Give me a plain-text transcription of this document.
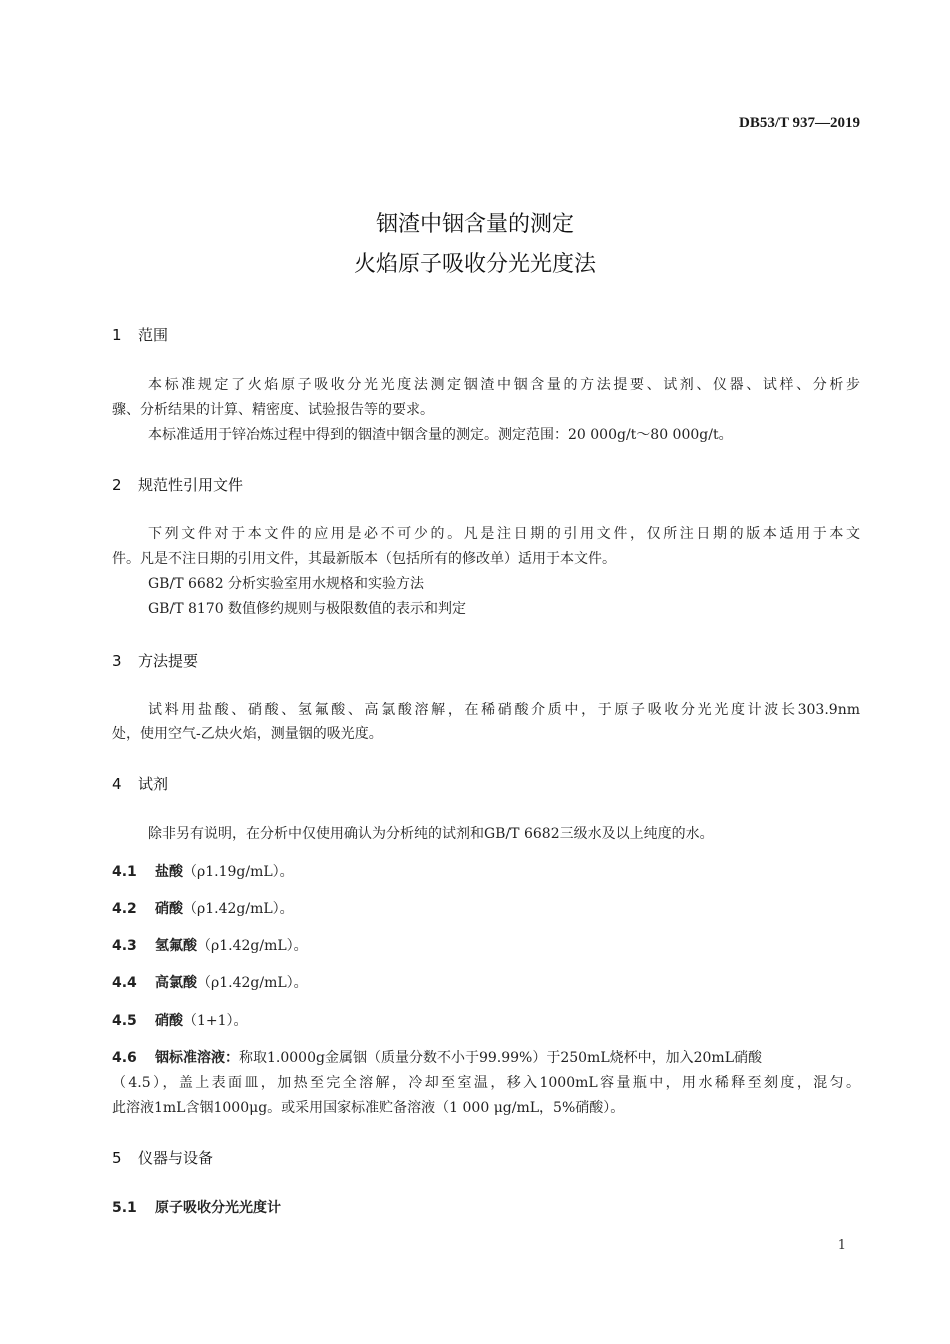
DB53/T 937—2019
铟渣中铟含量的测定
火焰原子吸收分光光度法
1 范围
本标准规定了火焰原子吸收分光光度法测定铟渣中铟含量的方法提要、试剂、仪器、试样、分析步
骤、分析结果的计算、精密度、试验报告等的要求。
本标准适用于锌冶炼过程中得到的铟渣中铟含量的测定。测定范围：20 000g/t～80 000g/t。
2 规范性引用文件
下列文件对于本文件的应用是必不可少的。凡是注日期的引用文件，仅所注日期的版本适用于本文
件。凡是不注日期的引用文件，其最新版本（包括所有的修改单）适用于本文件。
GB/T 6682 分析实验室用水规格和实验方法
GB/T 8170 数值修约规则与极限数值的表示和判定
3 方法提要
试料用盐酸、硝酸、氢氟酸、高氯酸溶解，在稀硝酸介质中，于原子吸收分光光度计波长303.9nm
处，使用空气-乙炔火焰，测量铟的吸光度。
4 试剂
除非另有说明，在分析中仅使用确认为分析纯的试剂和GB/T 6682三级水及以上纯度的水。
4.1 盐酸（ρ1.19g/mL）。
4.2 硝酸（ρ1.42g/mL）。
4.3 氢氟酸（ρ1.42g/mL）。
4.4 高氯酸（ρ1.42g/mL）。
4.5 硝酸（1+1）。
4.6 铟标准溶液：称取1.0000g金属铟（质量分数不小于99.99%）于250mL烧杯中，加入20mL硝酸
（4.5），盖上表面皿，加热至完全溶解，冷却至室温，移入1000mL容量瓶中，用水稀释至刻度，混匀。
此溶液1mL含铟1000μg。或采用国家标准贮备溶液（1 000 μg/mL，5%硝酸）。
5 仪器与设备
5.1 原子吸收分光光度计
1
